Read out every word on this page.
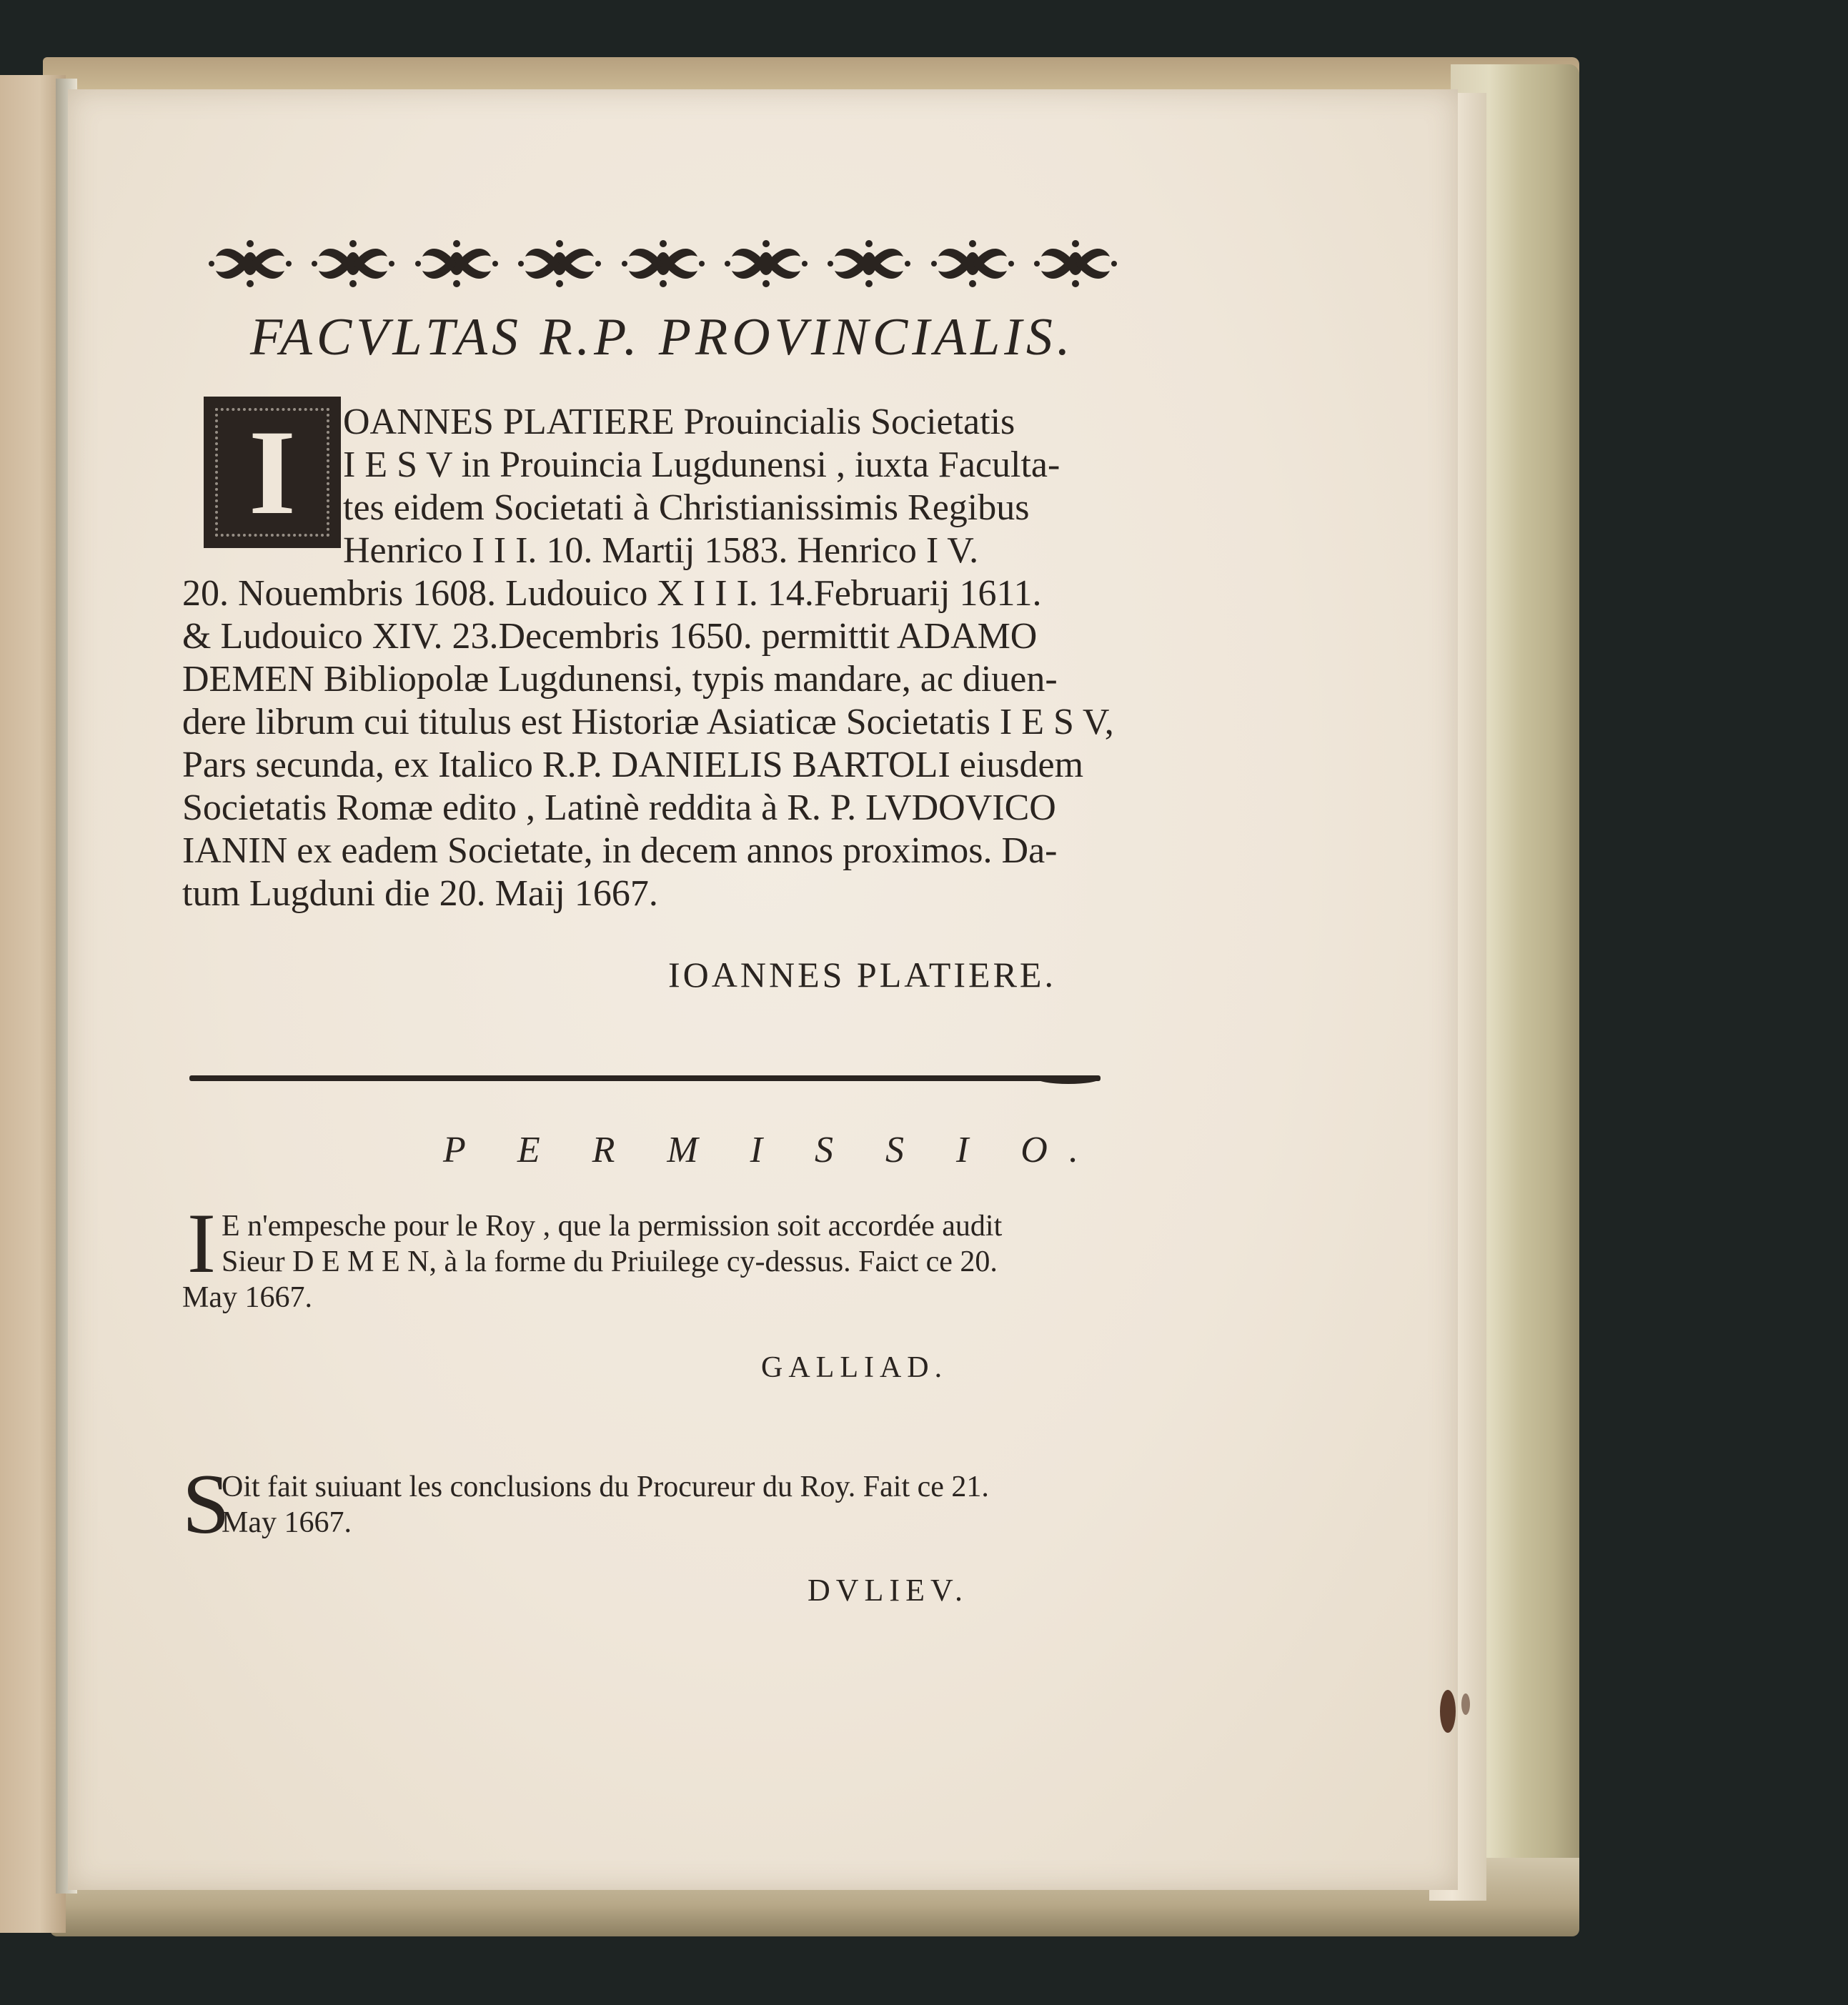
FACVLTAS R.P. PROVINCIALIS.
I OANNES PLATIERE Prouincialis Societatis
I E S V in Prouincia Lugdunensi , iuxta Faculta-
tes eidem Societati à Christianissimis Regibus
Henrico I I I. 10. Martij 1583. Henrico I V.
20. Nouembris 1608. Ludouico X I I I. 14.Februarij 1611.
& Ludouico XIV. 23.Decembris 1650. permittit ADAMO
DEMEN Bibliopolæ Lugdunensi, typis mandare, ac diuen-
dere librum cui titulus est Historiæ Asiaticæ Societatis I E S V,
Pars secunda, ex Italico R.P. DANIELIS BARTOLI eiusdem
Societatis Romæ edito , Latinè reddita à R. P. LVDOVICO
IANIN ex eadem Societate, in decem annos proximos. Da-
tum Lugduni die 20. Maij 1667.
IOANNES PLATIERE.
P E R M I S S I O.
I E n'empesche pour le Roy , que la permission soit accordée audit
Sieur D E M E N, à la forme du Priuilege cy-dessus. Faict ce 20.
May 1667.
GALLIAD.
S
Oit fait suiuant les conclusions du Procureur du Roy. Fait ce 21.
May 1667.
DVLIEV.
